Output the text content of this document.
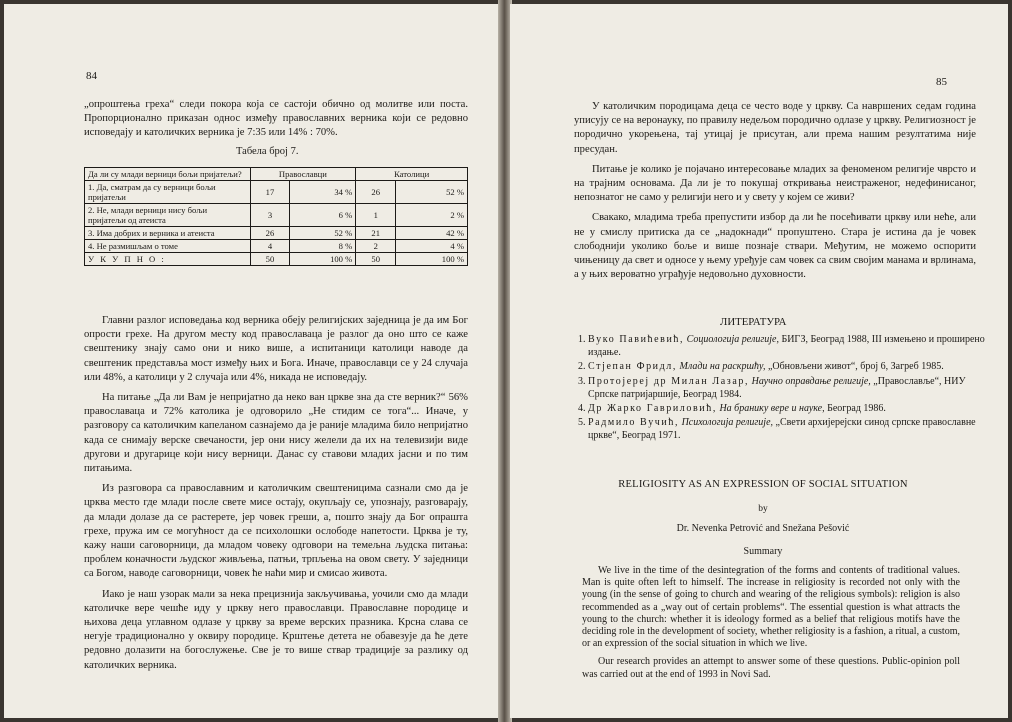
84

„опроштења греха“ следи покора која се састоји обично од молитве или поста. Пропорционално приказан однос између православних верника који се редовно исповедају и католичких верника је 7:35 или 14% : 70%.

Табела број 7.
Да ли су млади верници бољи пријатељи?	Православци		Католици	
1. Да, сматрам да су верници бољи пријатељи	17	34 %	26	52 %
2. Не, млади верници нису бољи пријатељи од атеиста	3	6 %	1	2 %
3. Има добрих и верника и атеиста	26	52 %	21	42 %
4. Не размишљам о томе	4	8 %	2	4 %
У К У П Н О :	50	100 %	50	100 %

Главни разлог исповедања код верника обеју религијских заједница је да им Бог опрости грехе. На другом месту код православаца је разлог да оно што се каже свештенику знају само они и нико више, а испитаници католици наводе да свештеник представља мост између њих и Бога. Иначе, православци се у 24 случаја или 48%, а католици у 2 случаја или 4%, никада не исповедају.

На питање „Да ли Вам је непријатно да неко ван цркве зна да сте верник?“ 56% православаца и 72% католика је одговорило „Не стидим се тога“... Иначе, у разговору са католичким капеланом сазнајемо да је раније младима било непријатно када се снимају верске свечаности, јер они нису желели да их на телевизији виде другови и другарице који нису верници. Данас су ставови младих јасни и по тим питањима.

Из разговора са православним и католичким свештеницима сазнали смо да је црква место где млади после свете мисе остају, окупљају се, упознају, разговарају, да млади долазе да се растерете, јер човек греши, а, пошто знају да Бог опрашта грехе, пружа им се могућност да се психолошки ослободе напетости. Црква је ту, кажу наши саговорници, да младом човеку одговори на темељна људска питања: проблем коначности људског живљења, патњи, трпљења на овом свету. У заједници са Богом, наводе саговорници, човек ће наћи мир и смисао живота.

Иако је наш узорак мали за нека прецизнија закључивања, уочили смо да млади католичке вере чешће иду у цркву него православци. Православне породице и њихова деца углавном одлазе у цркву за време верских празника. Крсна слава се негује традиционално у оквиру породице. Крштење детета не обавезује да ће дете редовно долазити на богослужење. Све је то више ствар традиције за разлику од католичких верника.

85

У католичким породицама деца се често воде у цркву. Са навршених седам година уписују се на веронауку, по правилу недељом породично одлазе у цркву. Религиозност је породично укорењена, тај утицај је присутан, али према нашим резултатима није пресудан.

Питање је колико је појачано интересовање младих за феноменом религије чврсто и на трајним основама. Да ли је то покушај откривања неистраженог, недефинисаног, непознатог не само у религији него и у свету у којем се живи?

Свакако, младима треба препустити избор да ли ће посећивати цркву или неће, али не у смислу притиска да се „надокнади“ пропуштено. Стара је истина да је човек слободнији уколико боље и више познаје ствари. Међутим, не можемо оспорити чињеницу да свет и односе у њему уређује сам човек са свим својим манама и врлинама, а у њих вероватно уграђује недовољно духовности.

ЛИТЕРАТУРА
1. Вуко Павићевић, Социологија религије, БИГЗ, Београд 1988, III измењено и проширено издање.
2. Стјепан Фридл, Млади на раскршћу, „Обновљени живот“, број 6, Загреб 1985.
3. Протојереј др Милан Лазар, Научно оправдање религије, „Православље“, НИУ Српске патријаршије, Београд 1984.
4. Др Жарко Гавриловић, На бранику вере и науке, Београд 1986.
5. Радмило Вучић, Психологија религије, „Свети архијерејски синод српске православне цркве“, Београд 1971.
RELIGIOSITY AS AN EXPRESSION OF SOCIAL SITUATION
by
Dr. Nevenka Petrović and Snežana Pešović
Summary

We live in the time of the desintegration of the forms and contents of traditional values. Man is quite often left to himself. The increase in religiosity is recorded not only with the young (in the sense of going to church and wearing of the religious symbols): religion is also recommended as a „way out of certain problems“. The essential question is what attracts the young to the church: whether it is ideology formed as a belief that religious motifs have the deciding role in the development of society, whether religiosity is a fashion, a ritual, a custom, or an expression of the social situation in which we live.

Our research provides an attempt to answer some of these questions. Public-opinion poll was carried out at the end of 1993 in Novi Sad.
